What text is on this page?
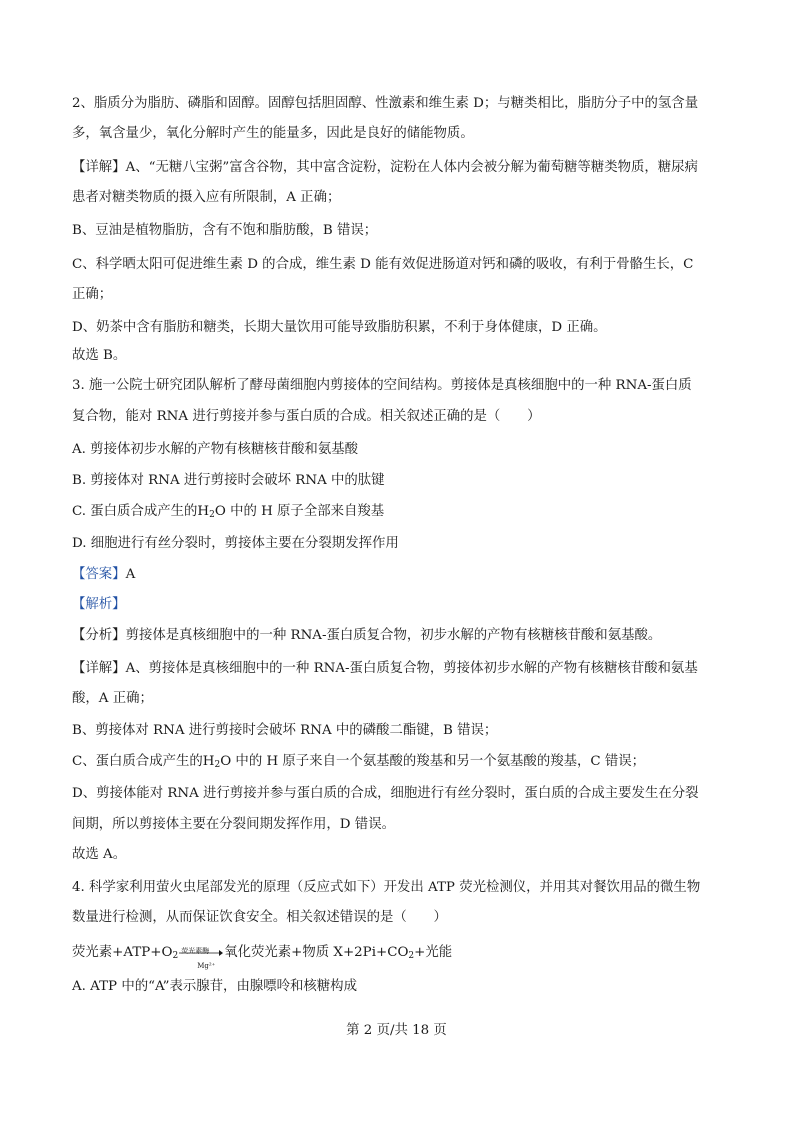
2、脂质分为脂肪、磷脂和固醇。固醇包括胆固醇、性激素和维生素 D；与糖类相比，脂肪分子中的氢含量
多，氧含量少，氧化分解时产生的能量多，因此是良好的储能物质。
【详解】A、“无糖八宝粥”富含谷物，其中富含淀粉，淀粉在人体内会被分解为葡萄糖等糖类物质，糖尿病
患者对糖类物质的摄入应有所限制，A 正确；
B、豆油是植物脂肪，含有不饱和脂肪酸，B 错误；
C、科学晒太阳可促进维生素 D 的合成，维生素 D 能有效促进肠道对钙和磷的吸收，有利于骨骼生长，C
正确；
D、奶茶中含有脂肪和糖类，长期大量饮用可能导致脂肪积累，不利于身体健康，D 正确。
故选 B。
3. 施一公院士研究团队解析了酵母菌细胞内剪接体的空间结构。剪接体是真核细胞中的一种 RNA-蛋白质
复合物，能对 RNA 进行剪接并参与蛋白质的合成。相关叙述正确的是（　　）
A. 剪接体初步水解的产物有核糖核苷酸和氨基酸
B. 剪接体对 RNA 进行剪接时会破坏 RNA 中的肽键
C. 蛋白质合成产生的$H_2O$ 中的 H 原子全部来自羧基
D. 细胞进行有丝分裂时，剪接体主要在分裂期发挥作用
【答案】A
【解析】
【分析】剪接体是真核细胞中的一种 RNA-蛋白质复合物，初步水解的产物有核糖核苷酸和氨基酸。
【详解】A、剪接体是真核细胞中的一种 RNA-蛋白质复合物，剪接体初步水解的产物有核糖核苷酸和氨基
酸，A 正确；
B、剪接体对 RNA 进行剪接时会破坏 RNA 中的磷酸二酯键，B 错误；
C、蛋白质合成产生的$H_2O$ 中的 H 原子来自一个氨基酸的羧基和另一个氨基酸的羧基，C 错误；
D、剪接体能对 RNA 进行剪接并参与蛋白质的合成，细胞进行有丝分裂时，蛋白质的合成主要发生在分裂
间期，所以剪接体主要在分裂间期发挥作用，D 错误。
故选 A。
4. 科学家利用萤火虫尾部发光的原理（反应式如下）开发出 ATP 荧光检测仪，并用其对餐饮用品的微生物
数量进行检测，从而保证饮食安全。相关叙述错误的是（　　）
荧光素$+ATP+O_2$
荧光素酶
Mg²⁺
氧化荧光素+物质 $X+2Pi+CO_2+$光能
A. ATP 中的“A”表示腺苷，由腺嘌呤和核糖构成
第 2 页/共 18 页
